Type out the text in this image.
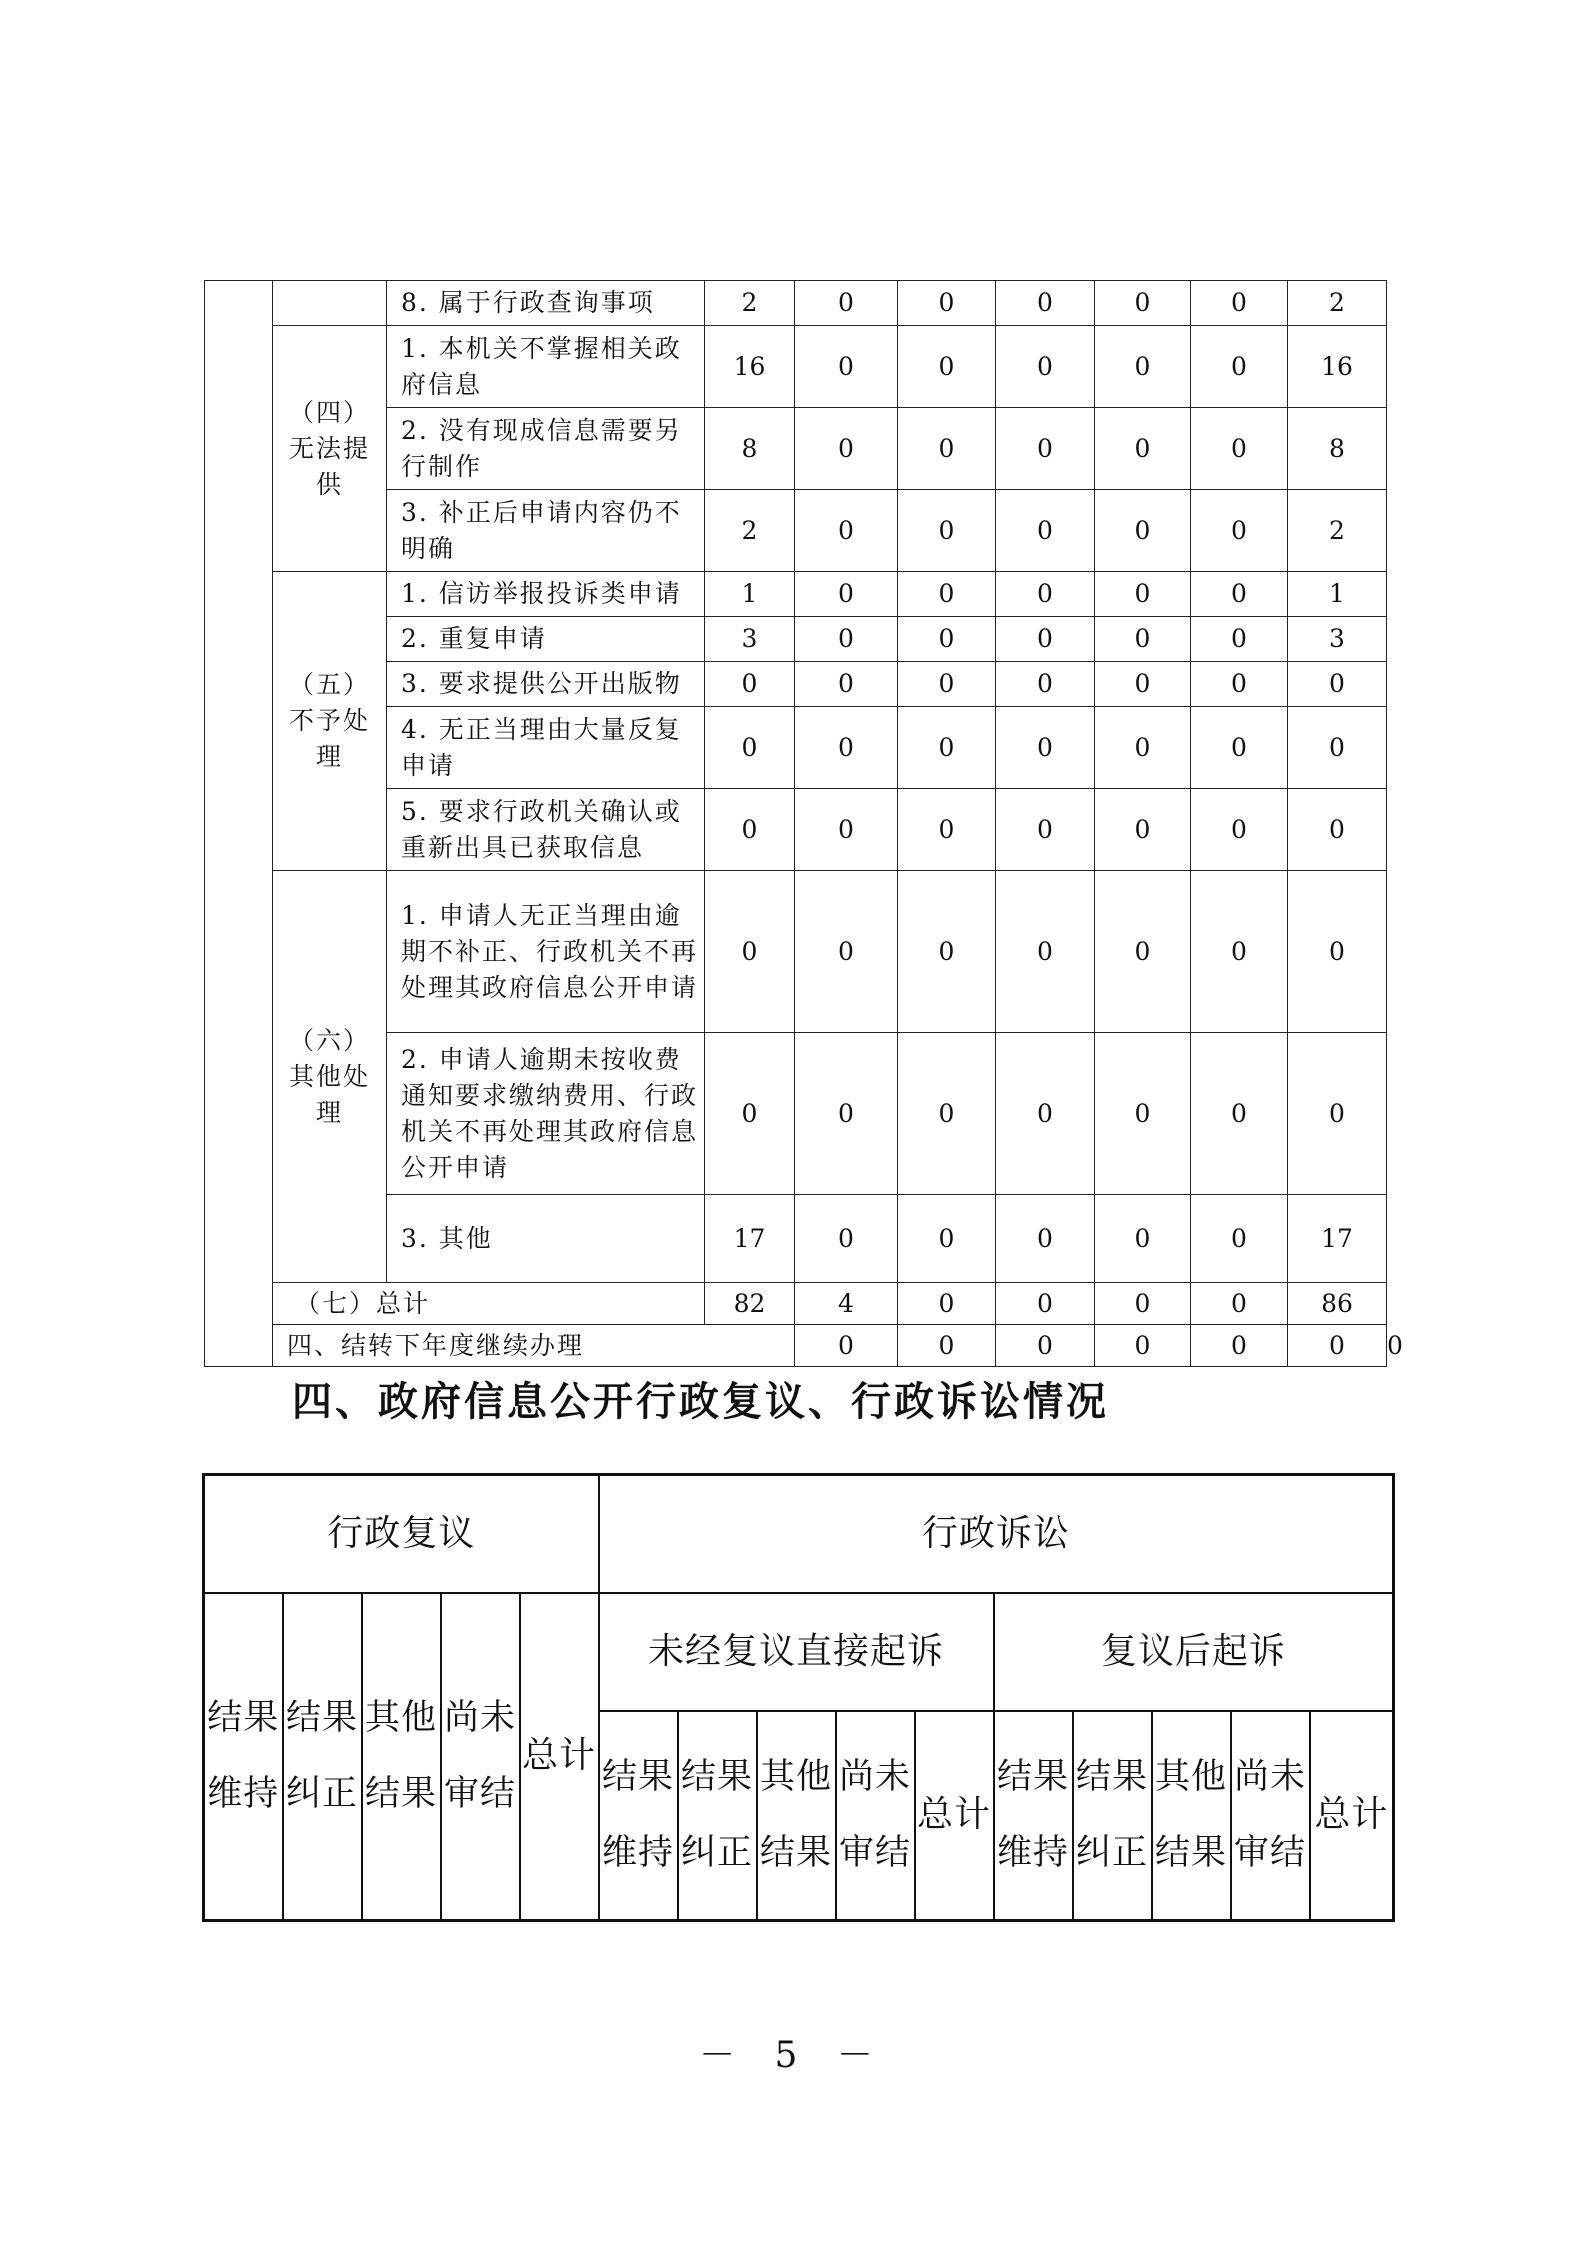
		8. 属于行政查询事项	2	0	0	0	0	0	2	
	（四）无法提供	1. 本机关不掌握相关政府信息	16	0	0	0	0	0	16	
		2. 没有现成信息需要另行制作	8	0	0	0	0	0	8	
		3. 补正后申请内容仍不明确	2	0	0	0	0	0	2	
	（五）不予处理	1. 信访举报投诉类申请	1	0	0	0	0	0	1	
		2. 重复申请	3	0	0	0	0	0	3	
		3. 要求提供公开出版物	0	0	0	0	0	0	0	
		4. 无正当理由大量反复申请	0	0	0	0	0	0	0	
		5. 要求行政机关确认或重新出具已获取信息	0	0	0	0	0	0	0	
	（六）其他处理	1. 申请人无正当理由逾期不补正、行政机关不再处理其政府信息公开申请	0	0	0	0	0	0	0	
		2. 申请人逾期未按收费通知要求缴纳费用、行政机关不再处理其政府信息公开申请	0	0	0	0	0	0	0	
		3. 其他	17	0	0	0	0	0	17	
	（七）总计		82	4	0	0	0	0	86	
	四、结转下年度继续办理			0	0	0	0	0	0	0
四、政府信息公开行政复议、行政诉讼情况
行政复议					行政诉讼									
结果维持	结果纠正	其他结果	尚未审结	总计	未经复议直接起诉					复议后起诉				
					结果维持	结果纠正	其他结果	尚未审结	总计	结果维持	结果纠正	其他结果	尚未审结	总计
－ 5 －
